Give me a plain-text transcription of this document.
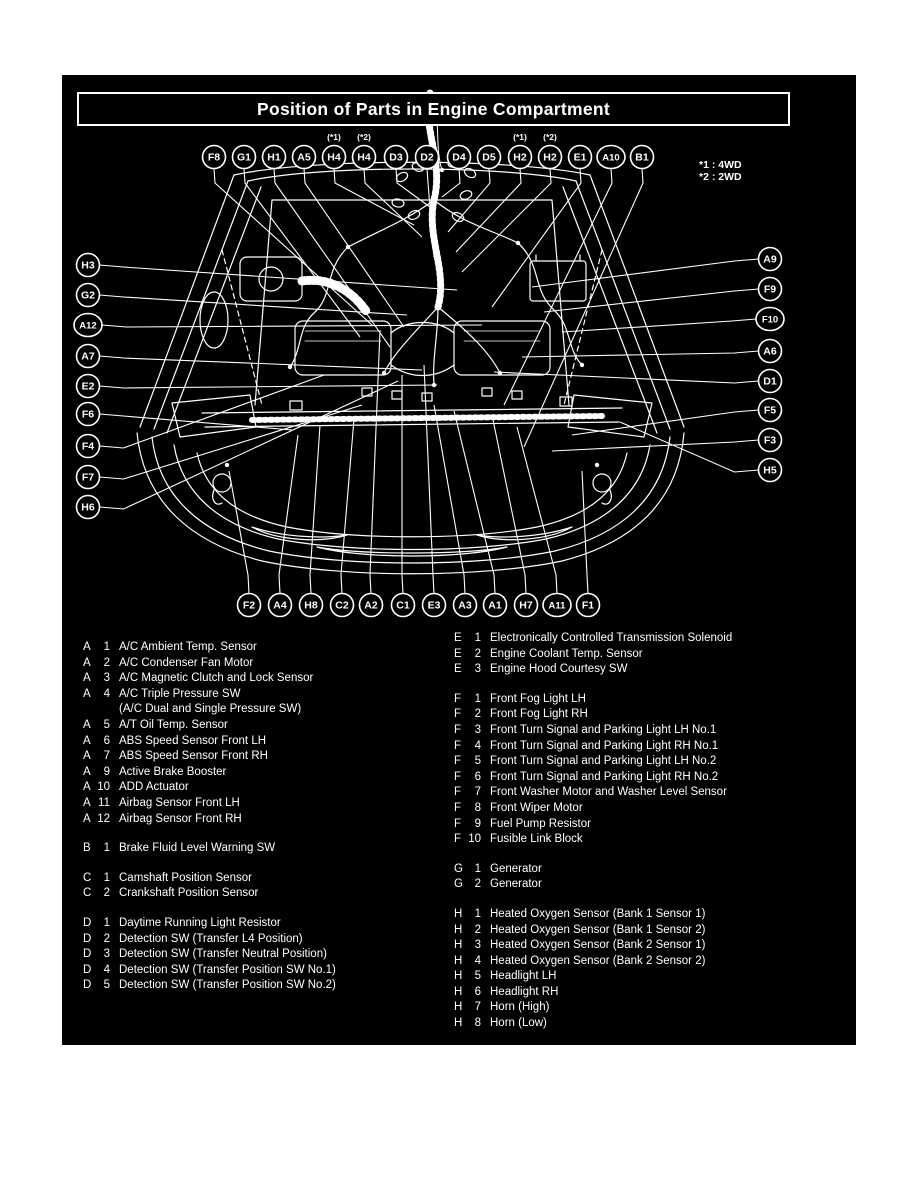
Position of Parts in Engine Compartment
*1 : 4WD
*2 : 2WD
F8 G1 H1 A5 H4
(*1)
H4
(*2)
D3 D2 D4 D5 H2
(*1)
H2
(*2)
E1 A10 B1
H3
G2
A12
A7
E2
F6
F4
F7
H6
A9
F9
F10
A6
D1
F5
F3
H5
F2 A4 H8 C2 A2 C1 E3 A3 A1 H7 A11 F1
A	1 A/C Ambient Temp. Sensor
A	2 A/C Condenser Fan Motor
A	3 A/C Magnetic Clutch and Lock Sensor
A	4 A/C Triple Pressure SW
(A/C Dual and Single Pressure SW)
A	5 A/T Oil Temp. Sensor
A	6 ABS Speed Sensor Front LH
A	7 ABS Speed Sensor Front RH
A	9 Active Brake Booster
A 10 ADD Actuator
A 11 Airbag Sensor Front LH
A 12 Airbag Sensor Front RH
B	1 Brake Fluid Level Warning SW
C	1 Camshaft Position Sensor
C	2 Crankshaft Position Sensor
D	1 Daytime Running Light Resistor
D	2 Detection SW (Transfer L4 Position)
D	3 Detection SW (Transfer Neutral Position)
D	4 Detection SW (Transfer Position SW No.1)
D	5 Detection SW (Transfer Position SW No.2)
E	1 Electronically Controlled Transmission Solenoid
E	2 Engine Coolant Temp. Sensor
E	3 Engine Hood Courtesy SW
F	1 Front Fog Light LH
F	2 Front Fog Light RH
F	3 Front Turn Signal and Parking Light LH No.1
F	4 Front Turn Signal and Parking Light RH No.1
F	5 Front Turn Signal and Parking Light LH No.2
F	6 Front Turn Signal and Parking Light RH No.2
F	7 Front Washer Motor and Washer Level Sensor
F	8 Front Wiper Motor
F	9 Fuel Pump Resistor
F 10 Fusible Link Block
G	1 Generator
G	2 Generator
H	1 Heated Oxygen Sensor (Bank 1 Sensor 1)
H	2 Heated Oxygen Sensor (Bank 1 Sensor 2)
H	3 Heated Oxygen Sensor (Bank 2 Sensor 1)
H	4 Heated Oxygen Sensor (Bank 2 Sensor 2)
H	5 Headlight LH
H	6 Headlight RH
H	7 Horn (High)
H	8 Horn (Low)
